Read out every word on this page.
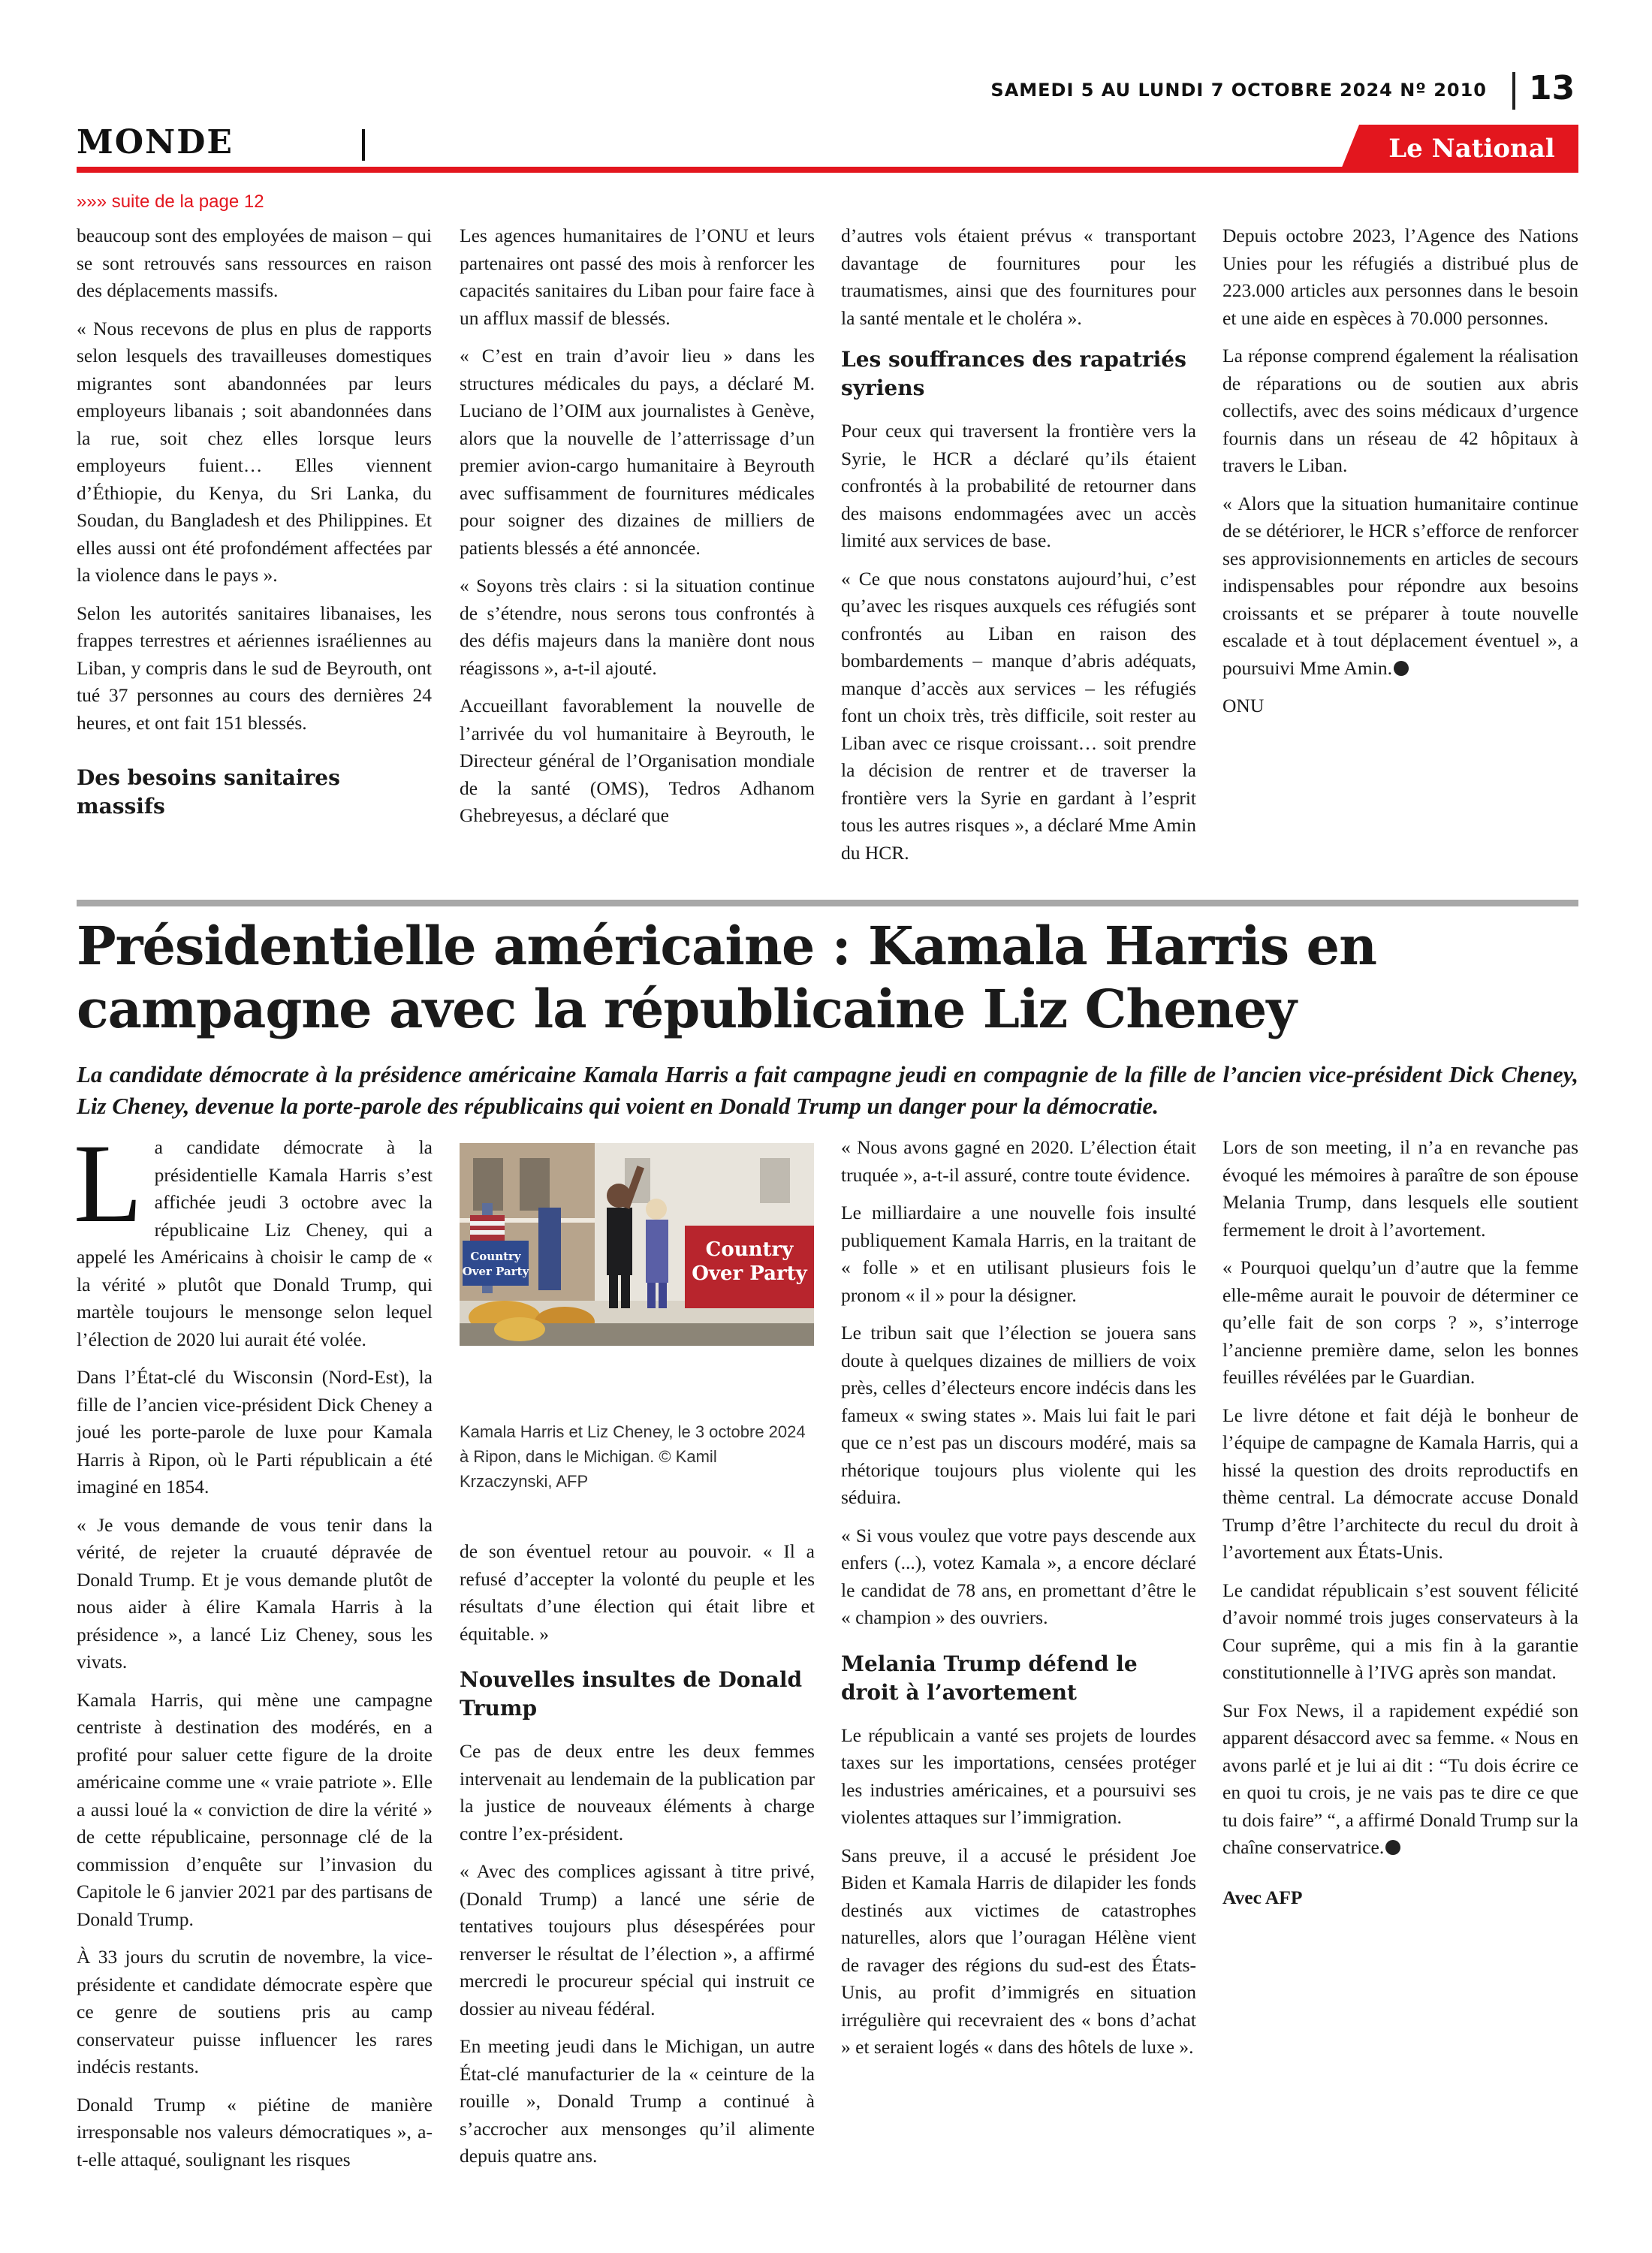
SAMEDI 5 AU LUNDI 7 OCTOBRE 2024 Nº 2010 13
MONDE	Le National
»»» suite de la page 12

beaucoup sont des employées de maison – qui se sont retrouvés sans ressources en raison des déplacements massifs.

« Nous recevons de plus en plus de rapports selon lesquels des travailleuses domestiques migrantes sont abandonnées par leurs employeurs libanais ; soit abandonnées dans la rue, soit chez elles lorsque leurs employeurs fuient… Elles viennent d’Éthiopie, du Kenya, du Sri Lanka, du Soudan, du Bangladesh et des Philippines. Et elles aussi ont été profondément affectées par la violence dans le pays ».

Selon les autorités sanitaires libanaises, les frappes terrestres et aériennes israéliennes au Liban, y compris dans le sud de Beyrouth, ont tué 37 personnes au cours des dernières 24 heures, et ont fait 151 blessés.

Des besoins sanitaires massifs

Les agences humanitaires de l’ONU et leurs partenaires ont passé des mois à renforcer les capacités sanitaires du Liban pour faire face à un afflux massif de blessés.

« C’est en train d’avoir lieu » dans les structures médicales du pays, a déclaré M. Luciano de l’OIM aux journalistes à Genève, alors que la nouvelle de l’atterrissage d’un premier avion-cargo humanitaire à Beyrouth avec suffisamment de fournitures médicales pour soigner des dizaines de milliers de patients blessés a été annoncée.

« Soyons très clairs : si la situation continue de s’étendre, nous serons tous confrontés à des défis majeurs dans la manière dont nous réagissons », a-t-il ajouté.

Accueillant favorablement la nouvelle de l’arrivée du vol humanitaire à Beyrouth, le Directeur général de l’Organisation mondiale de la santé (OMS), Tedros Adhanom Ghebreyesus, a déclaré que

d’autres vols étaient prévus « transportant davantage de fournitures pour les traumatismes, ainsi que des fournitures pour la santé mentale et le choléra ».

Les souffrances des rapatriés syriens

Pour ceux qui traversent la frontière vers la Syrie, le HCR a déclaré qu’ils étaient confrontés à la probabilité de retourner dans des maisons endommagées avec un accès limité aux services de base.

« Ce que nous constatons aujourd’hui, c’est qu’avec les risques auxquels ces réfugiés sont confrontés au Liban en raison des bombardements – manque d’abris adéquats, manque d’accès aux services – les réfugiés font un choix très, très difficile, soit rester au Liban avec ce risque croissant… soit prendre la décision de rentrer et de traverser la frontière vers la Syrie en gardant à l’esprit tous les autres risques », a déclaré Mme Amin du HCR.

Depuis octobre 2023, l’Agence des Nations Unies pour les réfugiés a distribué plus de 223.000 articles aux personnes dans le besoin et une aide en espèces à 70.000 personnes.

La réponse comprend également la réalisation de réparations ou de soutien aux abris collectifs, avec des soins médicaux d’urgence fournis dans un réseau de 42 hôpitaux à travers le Liban.

« Alors que la situation humanitaire continue de se détériorer, le HCR s’efforce de renforcer ses approvisionnements en articles de secours indispensables pour répondre aux besoins croissants et se préparer à toute nouvelle escalade et à tout déplacement éventuel », a poursuivi Mme Amin.

ONU

Présidentielle américaine : Kamala Harris en campagne avec la républicaine Liz Cheney
La candidate démocrate à la présidence américaine Kamala Harris a fait campagne jeudi en compagnie de la fille de l’ancien vice-président Dick Cheney, Liz Cheney, devenue la porte-parole des républicains qui voient en Donald Trump un danger pour la démocratie.

La candidate démocrate à la présidentielle Kamala Harris s’est affichée jeudi 3 octobre avec la républicaine Liz Cheney, qui a appelé les Américains à choisir le camp de « la vérité » plutôt que Donald Trump, qui martèle toujours le mensonge selon lequel l’élection de 2020 lui aurait été volée.

Dans l’État-clé du Wisconsin (Nord-Est), la fille de l’ancien vice-président Dick Cheney a joué les porte-parole de luxe pour Kamala Harris à Ripon, où le Parti républicain a été imaginé en 1854.

« Je vous demande de vous tenir dans la vérité, de rejeter la cruauté dépravée de Donald Trump. Et je vous demande plutôt de nous aider à élire Kamala Harris à la présidence », a lancé Liz Cheney, sous les vivats.

Kamala Harris, qui mène une campagne centriste à destination des modérés, en a profité pour saluer cette figure de la droite américaine comme une « vraie patriote ». Elle a aussi loué la « conviction de dire la vérité » de cette républicaine, personnage clé de la commission d’enquête sur l’invasion du Capitole le 6 janvier 2021 par des partisans de Donald Trump.

À 33 jours du scrutin de novembre, la vice-présidente et candidate démocrate espère que ce genre de soutiens pris au camp conservateur puisse influencer les rares indécis restants.

Donald Trump « piétine de manière irresponsable nos valeurs démocratiques », a-t-elle attaqué, soulignant les risques

Country
Over Party
Country
Over Party
Kamala Harris et Liz Cheney, le 3 octobre 2024 à Ripon, dans le Michigan. © Kamil Krzaczynski, AFP

de son éventuel retour au pouvoir. « Il a refusé d’accepter la volonté du peuple et les résultats d’une élection qui était libre et équitable. »

Nouvelles insultes de Donald Trump

Ce pas de deux entre les deux femmes intervenait au lendemain de la publication par la justice de nouveaux éléments à charge contre l’ex-président.

« Avec des complices agissant à titre privé, (Donald Trump) a lancé une série de tentatives toujours plus désespérées pour renverser le résultat de l’élection », a affirmé mercredi le procureur spécial qui instruit ce dossier au niveau fédéral.

En meeting jeudi dans le Michigan, un autre État-clé manufacturier de la « ceinture de la rouille », Donald Trump a continué à s’accrocher aux mensonges qu’il alimente depuis quatre ans.

« Nous avons gagné en 2020. L’élection était truquée », a-t-il assuré, contre toute évidence.

Le milliardaire a une nouvelle fois insulté publiquement Kamala Harris, en la traitant de « folle » et en utilisant plusieurs fois le pronom « il » pour la désigner.

Le tribun sait que l’élection se jouera sans doute à quelques dizaines de milliers de voix près, celles d’électeurs encore indécis dans les fameux « swing states ». Mais lui fait le pari que ce n’est pas un discours modéré, mais sa rhétorique toujours plus violente qui les séduira.

« Si vous voulez que votre pays descende aux enfers (...), votez Kamala », a encore déclaré le candidat de 78 ans, en promettant d’être le « champion » des ouvriers.

Melania Trump défend le droit à l’avortement

Le républicain a vanté ses projets de lourdes taxes sur les importations, censées protéger les industries américaines, et a poursuivi ses violentes attaques sur l’immigration.

Sans preuve, il a accusé le président Joe Biden et Kamala Harris de dilapider les fonds destinés aux victimes de catastrophes naturelles, alors que l’ouragan Hélène vient de ravager des régions du sud-est des États-Unis, au profit d’immigrés en situation irrégulière qui recevraient des « bons d’achat » et seraient logés « dans des hôtels de luxe ».

Lors de son meeting, il n’a en revanche pas évoqué les mémoires à paraître de son épouse Melania Trump, dans lesquels elle soutient fermement le droit à l’avortement.

« Pourquoi quelqu’un d’autre que la femme elle-même aurait le pouvoir de déterminer ce qu’elle fait de son corps ? », s’interroge l’ancienne première dame, selon les bonnes feuilles révélées par le Guardian.

Le livre détone et fait déjà le bonheur de l’équipe de campagne de Kamala Harris, qui a hissé la question des droits reproductifs en thème central. La démocrate accuse Donald Trump d’être l’architecte du recul du droit à l’avortement aux États-Unis.

Le candidat républicain s’est souvent félicité d’avoir nommé trois juges conservateurs à la Cour suprême, qui a mis fin à la garantie constitutionnelle à l’IVG après son mandat.

Sur Fox News, il a rapidement expédié son apparent désaccord avec sa femme. « Nous en avons parlé et je lui ai dit : “Tu dois écrire ce en quoi tu crois, je ne vais pas te dire ce que tu dois faire” “, a affirmé Donald Trump sur la chaîne conservatrice.

Avec AFP
